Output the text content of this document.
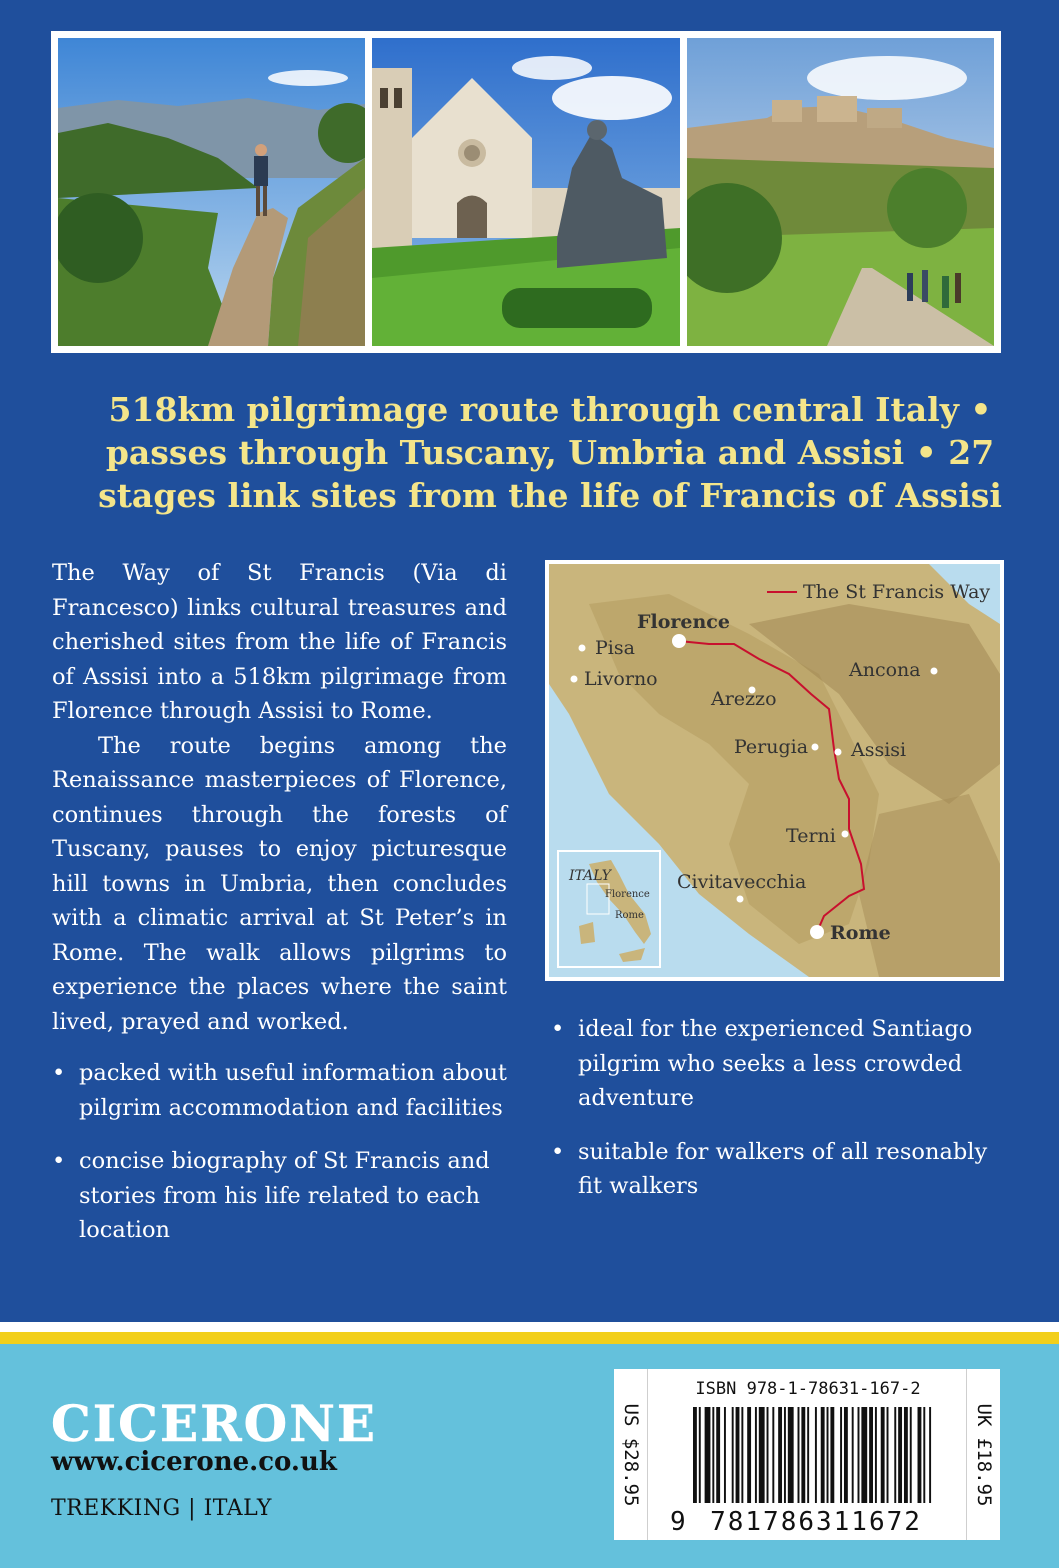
518km pilgrimage route through central Italy • passes through Tuscany, Umbria and Assisi • 27 stages link sites from the life of Francis of Assisi

The Way of St Francis (Via di Francesco) links cultural treasures and cherished sites from the life of Francis of Assisi into a 518km pilgrimage from Florence through Assisi to Rome.

The route begins among the Renaissance masterpieces of Florence, continues through the forests of Tuscany, pauses to enjoy picturesque hill towns in Umbria, then concludes with a climatic arrival at St Peter’s in Rome. The walk allows pilgrims to experience the places where the saint lived, prayed and worked.

• packed with useful information about pilgrim accommodation and facilities
• concise biography of St Francis and stories from his life related to each location
• ideal for the experienced Santiago pilgrim who seeks a less crowded adventure
• suitable for walkers of all resonably fit walkers
ITALY
Florence
Rome
The St Francis Way
Florence
Pisa
Livorno
Arezzo
Ancona
Perugia Assisi
Terni
Civitavecchia
Rome
CICERONE
www.cicerone.co.uk
TREKKING | ITALY
US $28.95
ISBN 978-1-78631-167-2
9 781786311672
UK £18.95
